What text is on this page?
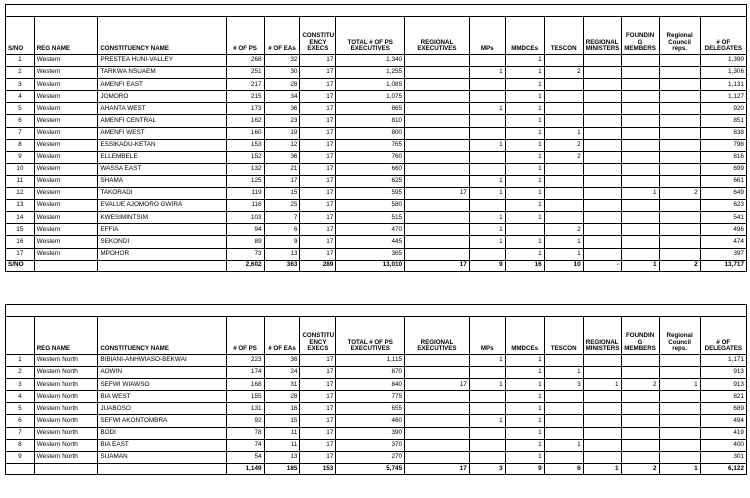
S/NO	REG NAME	CONSTITUENCY NAME	# OF PS	# OF EAs	CONSTITU ENCY EXECS	TOTAL # OF PS EXECUTIVES	REGIONAL EXECUTIVES	MPs	MMDCEs	TESCON	REGIONAL MINISTERS	FOUNDIN G MEMBERS	Regional Council reps.	# OF DELEGATES
1	Western	PRESTEA HUNI-VALLEY	268	32	17	1,340			1					1,390
2	Western	TARKWA NSUAEM	251	30	17	1,255		1	1	2				1,306
3	Western	AMENFI EAST	217	28	17	1,085			1					1,131
4	Western	JOMORO	215	34	17	1,075			1					1,127
5	Western	AHANTA WEST	173	36	17	865		1	1					920
6	Western	AMENFI CENTRAL	162	23	17	810			1					851
7	Western	AMENFI WEST	160	19	17	800			1	1				838
8	Western	ESSIKADU-KETAN	153	12	17	765		1	1	2				798
9	Western	ELLEMBELE	152	36	17	760			1	2				816
10	Western	WASSA EAST	132	21	17	660			1					699
11	Western	SHAMA	125	17	17	625		1	1					661
12	Western	TAKORADI	119	15	17	595	17	1	1			1	2	649
13	Western	EVALUE AJOMORO GWIRA	116	25	17	580			1					623
14	Western	KWESIMINTSIM	103	7	17	515		1	1					541
15	Western	EFFIA	94	6	17	470		1		2				496
16	Western	SEKONDI	89	9	17	445		1	1	1				474
17	Western	MPOHOR	73	13	17	365			1	1				397
S/NO			2,602	363	289	13,010	17	9	16	10	-	1	2	13,717

	REG NAME	CONSTITUENCY NAME	# OF PS	# OF EAs	CONSTITU ENCY EXECS	TOTAL # OF PS EXECUTIVES	REGIONAL EXECUTIVES	MPs	MMDCEs	TESCON	REGIONAL MINISTERS	FOUNDIN G MEMBERS	Regional Council reps.	# OF DELEGATES
1	Western North	BIBIANI-ANHWIASO-BEKWAI	223	36	17	1,115		1	1					1,171
2	Western North	AOWIN	174	24	17	870			1	1				913
3	Western North	SEFWI WIAWSO	168	31	17	840	17	1	1	3	1	2	1	913
4	Western North	BIA WEST	155	28	17	775			1					821
5	Western North	JUABOSO	131	16	17	655			1					689
6	Western North	SEFWI AKONTOMBRA	92	15	17	460		1	1					494
7	Western North	BODI	78	11	17	390			1					419
8	Western North	BIA EAST	74	11	17	370			1	1				400
9	Western North	SUAMAN	54	13	17	270			1					301
			1,149	185	153	5,745	17	3	9	6	1	2	1	6,122
